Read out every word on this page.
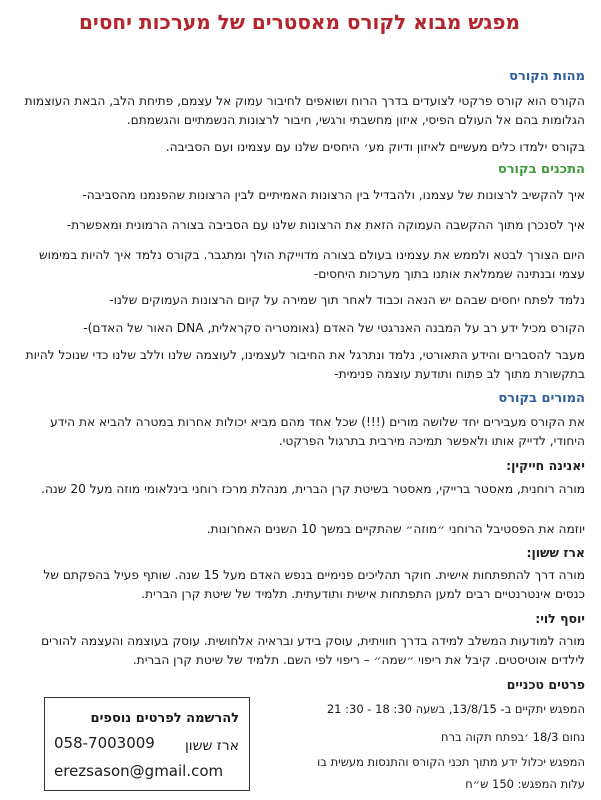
מפגש מבוא לקורס מאסטרים של מערכות יחסים
מהות הקורס
הקורס הוא קורס פרקטי לצועדים בדרך הרוח ושואפים לחיבור עמוק אל עצמם, פתיחת הלב, הבאת העוצמות הגלומות בהם אל העולם הפיסי, איזון מחשבתי ורגשי, חיבור לרצונות הנשמתיים והגשמתם.
בקורס ילמדו כלים מעשיים לאיזון ודיוק מע׳ היחסים שלנו עם עצמינו ועם הסביבה.
התכנים בקורס
איך להקשיב לרצונות של עצמנו, ולהבדיל בין הרצונות האמיתיים לבין הרצונות שהפנמנו מהסביבה-
איך לסנכרן מתוך ההקשבה העמוקה הזאת את הרצונות שלנו עם הסביבה בצורה הרמונית ומאפשרת-
היום הצורך לבטא ולממש את עצמינו בעולם בצורה מדוייקת הולך ומתגבר. בקורס נלמד איך להיות במימוש עצמי ובנתינה שממלאת אותנו בתוך מערכות היחסים-
נלמד לפתח יחסים שבהם יש הנאה וכבוד לאחר תוך שמירה על קיום הרצונות העמוקים שלנו-
הקורס מכיל ידע רב על המבנה האנרגטי של האדם (גאומטריה סקראלית, DNA האור של האדם)-
מעבר להסברים והידע התאורטי, נלמד ונתרגל את החיבור לעצמינו, לעוצמה שלנו וללב שלנו כדי שנוכל להיות בתקשורת מתוך לב פתוח ותודעת עוצמה פנימית-
המורים בקורס
את הקורס מעבירים יחד שלושה מורים (!!!) שכל אחד מהם מביא יכולות אחרות במטרה להביא את הידע היחודי, לדייק אותו ולאפשר תמיכה מירבית בתרגול הפרקטי.
יאנינה חייקין:
מורה רוחנית, מאסטר ברייקי, מאסטר בשיטת קרן הברית, מנהלת מרכז רוחני בינלאומי מוזה מעל 20 שנה.
יוזמה את הפסטיבל הרוחני ״מוזה״ שהתקיים במשך 10 השנים האחרונות.
ארז ששון:
מורה דרך להתפתחות אישית. חוקר תהליכים פנימיים בנפש האדם מעל 15 שנה. שותף פעיל בהפקתם של כנסים אינטרנטיים רבים למען התפתחות אישית ותודעתית. תלמיד של שיטת קרן הברית.
יוסף לוי:
מורה למודעות המשלב למידה בדרך חוויתית, עוסק בידע ובראיה אלחושית. עוסק בעוצמה והעצמה להורים לילדים אוטיסטים. קיבל את ריפוי ״שמה״ – ריפוי לפי השם. תלמיד של שיטת קרן הברית.
פרטים טכניים
המפגש יתקיים ב- 13/8/15, בשעה 30: 18 - 30: 21
נחום 18/3 ׳בפתח תקוה ברח
המפגש יכלול ידע מתוך תכני הקורס והתנסות מעשית בו
עלות המפגש: 150 ש״ח
להרשמה לפרטים נוספים
ארז ששון
058-7003009
erezsason@gmail.com
